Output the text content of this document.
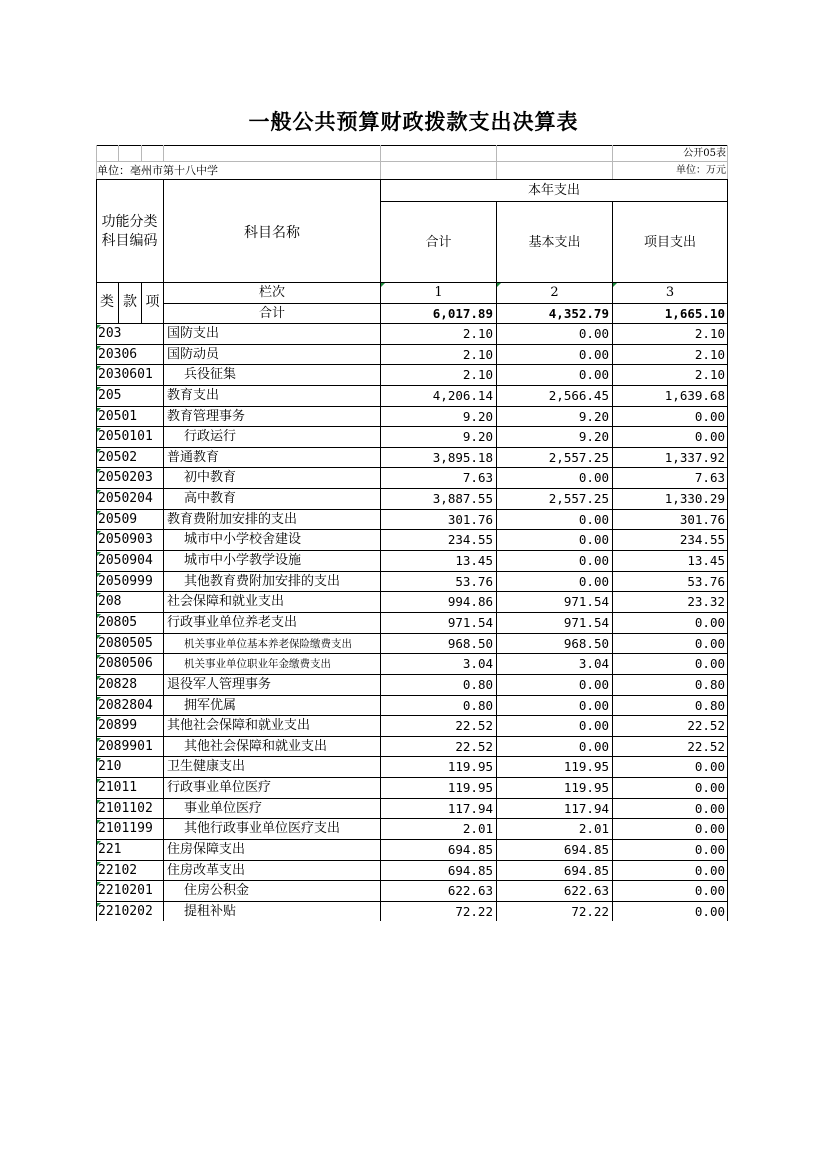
一般公共预算财政拨款支出决算表
公开05表
单位：亳州市第十八中学	单位：万元
本年支出
功能分类
科目编码	科目名称
合计	基本支出	项目支出
类 款 项
栏次	1	2	3
合计	6,017.89	4,352.79	1,665.10
203	国防支出	2.10	0.00	2.10
20306	国防动员	2.10	0.00	2.10
2030601	兵役征集	2.10	0.00	2.10
205	教育支出	4,206.14	2,566.45	1,639.68
20501	教育管理事务	9.20	9.20	0.00
2050101	行政运行	9.20	9.20	0.00
20502	普通教育	3,895.18	2,557.25	1,337.92
2050203	初中教育	7.63	0.00	7.63
2050204	高中教育	3,887.55	2,557.25	1,330.29
20509	教育费附加安排的支出	301.76	0.00	301.76
2050903	城市中小学校舍建设	234.55	0.00	234.55
2050904	城市中小学教学设施	13.45	0.00	13.45
2050999	其他教育费附加安排的支出	53.76	0.00	53.76
208	社会保障和就业支出	994.86	971.54	23.32
20805	行政事业单位养老支出	971.54	971.54	0.00
2080505	机关事业单位基本养老保险缴费支出	968.50	968.50	0.00
2080506	机关事业单位职业年金缴费支出	3.04	3.04	0.00
20828	退役军人管理事务	0.80	0.00	0.80
2082804	拥军优属	0.80	0.00	0.80
20899	其他社会保障和就业支出	22.52	0.00	22.52
2089901	其他社会保障和就业支出	22.52	0.00	22.52
210	卫生健康支出	119.95	119.95	0.00
21011	行政事业单位医疗	119.95	119.95	0.00
2101102	事业单位医疗	117.94	117.94	0.00
2101199	其他行政事业单位医疗支出	2.01	2.01	0.00
221	住房保障支出	694.85	694.85	0.00
22102	住房改革支出	694.85	694.85	0.00
2210201	住房公积金	622.63	622.63	0.00
2210202	提租补贴	72.22	72.22	0.00
